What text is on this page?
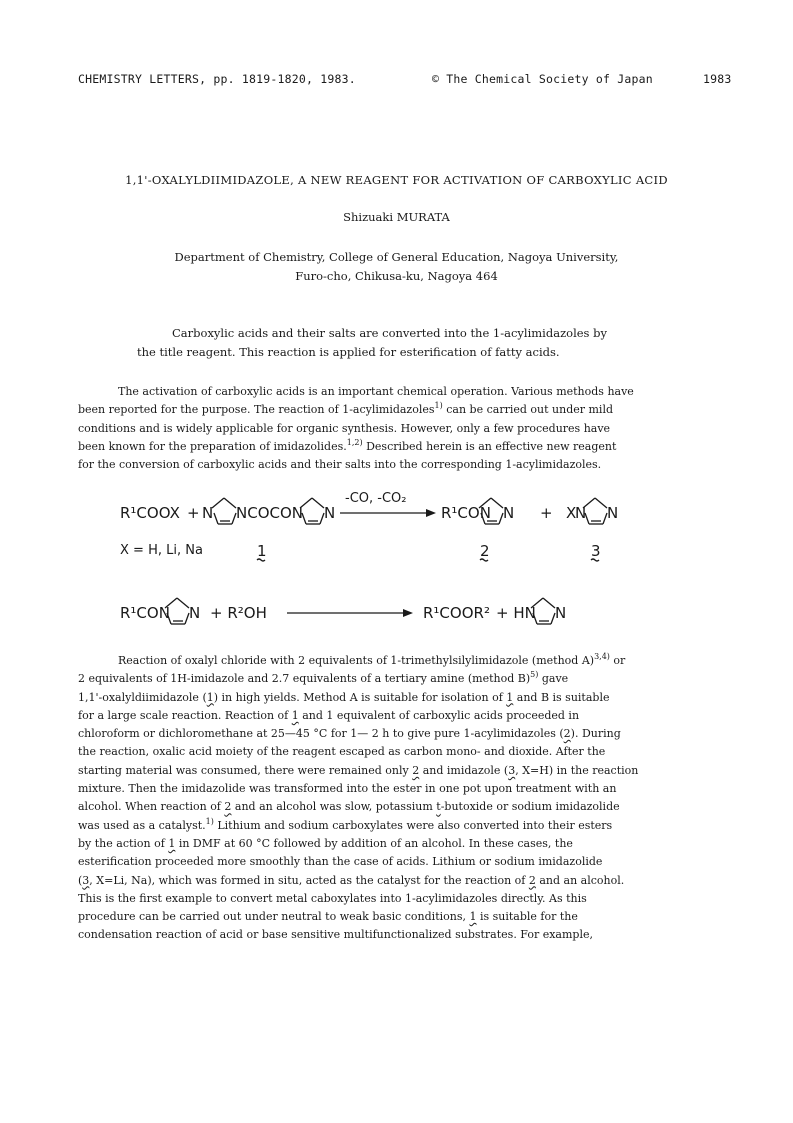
CHEMISTRY LETTERS, pp. 1819-1820, 1983.	© The Chemical Society of Japan	1983
1,1'-OXALYLDIIMIDAZOLE, A NEW REAGENT FOR ACTIVATION OF CARBOXYLIC ACID
Shizuaki MURATA
Department of Chemistry, College of General Education, Nagoya University,
Furo-cho, Chikusa-ku, Nagoya 464
Carboxylic acids and their salts are converted into the 1-acylimidazoles by
the title reagent. This reaction is applied for esterification of fatty acids.
The activation of carboxylic acids is an important chemical operation. Various methods have
been reported for the purpose. The reaction of 1-acylimidazoles$^{1)}$ can be carried out under mild
conditions and is widely applicable for organic synthesis. However, only a few procedures have
been known for the preparation of imidazolides.$^{1,2)}$ Described herein is an effective new reagent
for the conversion of carboxylic acids and their salts into the corresponding 1-acylimidazoles.
R¹COOX + N NCOCON N
-CO, -CO₂
R¹CON N + X
N N
X = H, Li, Na	1	2	3
R¹CON N + R²OH	R¹COOR² + HN N
Reaction of oxalyl chloride with 2 equivalents of 1-trimethylsilylimidazole (method A)$^{3,4)}$ or
2 equivalents of 1H-imidazole and 2.7 equivalents of a tertiary amine (method B)$^{5)}$ gave
1,1'-oxalyldiimidazole (1) in high yields. Method A is suitable for isolation of 1 and B is suitable
for a large scale reaction. Reaction of 1 and 1 equivalent of carboxylic acids proceeded in
chloroform or dichloromethane at 25—45 °C for 1— 2 h to give pure 1-acylimidazoles (2). During
the reaction, oxalic acid moiety of the reagent escaped as carbon mono- and dioxide. After the
starting material was consumed, there were remained only 2 and imidazole (3, X=H) in the reaction
mixture. Then the imidazolide was transformed into the ester in one pot upon treatment with an
alcohol. When reaction of 2 and an alcohol was slow, potassium t-butoxide or sodium imidazolide
was used as a catalyst.$^{1)}$ Lithium and sodium carboxylates were also converted into their esters
by the action of 1 in DMF at 60 °C followed by addition of an alcohol. In these cases, the
esterification proceeded more smoothly than the case of acids. Lithium or sodium imidazolide
(3, X=Li, Na), which was formed in situ, acted as the catalyst for the reaction of 2 and an alcohol.
This is the first example to convert metal caboxylates into 1-acylimidazoles directly. As this
procedure can be carried out under neutral to weak basic conditions, 1 is suitable for the
condensation reaction of acid or base sensitive multifunctionalized substrates. For example,
